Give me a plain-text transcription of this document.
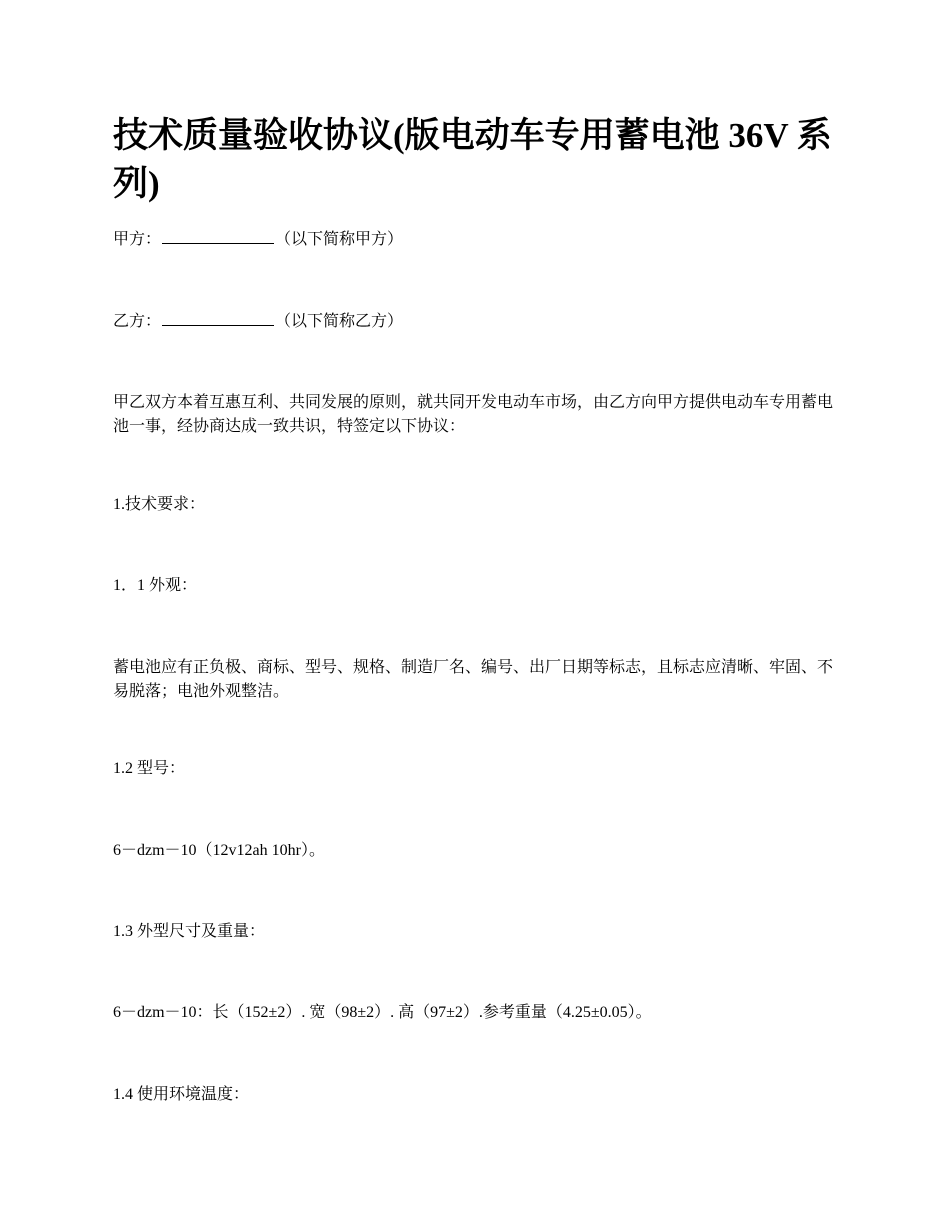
技术质量验收协议(版电动车专用蓄电池 36V 系列)

甲方：	（以下简称甲方）

乙方：	（以下简称乙方）

甲乙双方本着互惠互利、共同发展的原则，就共同开发电动车市场，由乙方向甲方提供电动车专用蓄电池一事，经协商达成一致共识，特签定以下协议：

1.技术要求：

1．1 外观：

蓄电池应有正负极、商标、型号、规格、制造厂名、编号、出厂日期等标志，且标志应清晰、牢固、不易脱落；电池外观整洁。

1.2 型号：

6－dzm－10（12v12ah 10hr）。

1.3 外型尺寸及重量：

6－dzm－10：长（152±2）. 宽（98±2）. 高（97±2）.参考重量（4.25±0.05）。

1.4 使用环境温度：
